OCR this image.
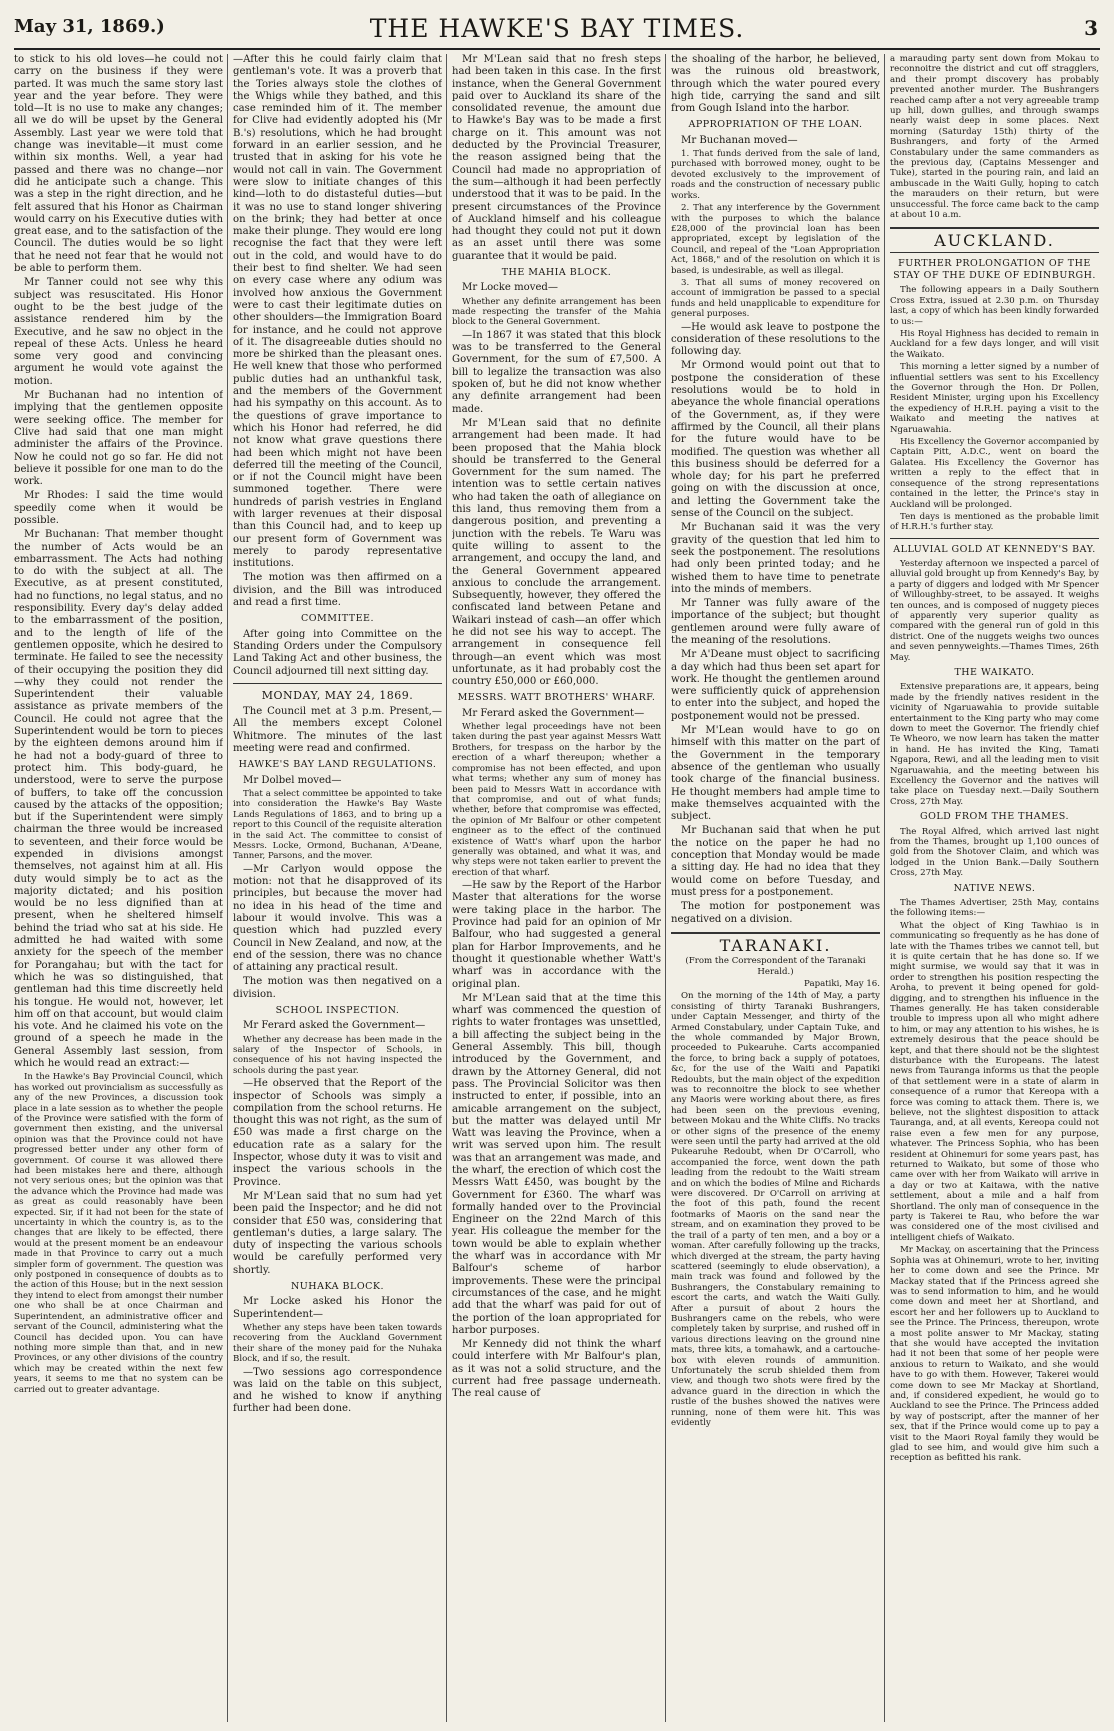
May 31, 1869.)	THE HAWKE'S BAY TIMES.	3

to stick to his old loves—he could not carry on the business if they were parted. It was much the same story last year and the year before. They were told—It is no use to make any changes; all we do will be upset by the General Assembly. Last year we were told that change was inevitable—it must come within six months. Well, a year had passed and there was no change—nor did he anticipate such a change. This was a step in the right direction, and he felt assured that his Honor as Chairman would carry on his Executive duties with great ease, and to the satisfaction of the Council. The duties would be so light that he need not fear that he would not be able to perform them.

Mr Tanner could not see why this subject was resuscitated. His Honor ought to be the best judge of the assistance rendered him by the Executive, and he saw no object in the repeal of these Acts. Unless he heard some very good and convincing argument he would vote against the motion.

Mr Buchanan had no intention of implying that the gentlemen opposite were seeking office. The member for Clive had said that one man might administer the affairs of the Province. Now he could not go so far. He did not believe it possible for one man to do the work.

Mr Rhodes: I said the time would speedily come when it would be possible.

Mr Buchanan: That member thought the number of Acts would be an embarrassment. The Acts had nothing to do with the subject at all. The Executive, as at present constituted, had no functions, no legal status, and no responsibility. Every day's delay added to the embarrassment of the position, and to the length of life of the gentlemen opposite, which he desired to terminate. He failed to see the necessity of their occupying the position they did—why they could not render the Superintendent their valuable assistance as private members of the Council. He could not agree that the Superintendent would be torn to pieces by the eighteen demons around him if he had not a body-guard of three to protect him. This body-guard, he understood, were to serve the purpose of buffers, to take off the concussion caused by the attacks of the opposition; but if the Superintendent were simply chairman the three would be increased to seventeen, and their force would be expended in divisions amongst themselves, not against him at all. His duty would simply be to act as the majority dictated; and his position would be no less dignified than at present, when he sheltered himself behind the triad who sat at his side. He admitted he had waited with some anxiety for the speech of the member for Porangahau; but with the tact for which he was so distinguished, that gentleman had this time discreetly held his tongue. He would not, however, let him off on that account, but would claim his vote. And he claimed his vote on the ground of a speech he made in the General Assembly last session, from which he would read an extract:—

In the Hawke's Bay Provincial Council, which has worked out provincialism as successfully as any of the new Provinces, a discussion took place in a late session as to whether the people of the Province were satisfied with the form of government then existing, and the universal opinion was that the Province could not have progressed better under any other form of government. Of course it was allowed there had been mistakes here and there, although not very serious ones; but the opinion was that the advance which the Province had made was as great as could reasonably have been expected. Sir, if it had not been for the state of uncertainty in which the country is, as to the changes that are likely to be effected, there would at the present moment be an endeavour made in that Province to carry out a much simpler form of government. The question was only postponed in consequence of doubts as to the action of this House; but in the next session they intend to elect from amongst their number one who shall be at once Chairman and Superintendent, an administrative officer and servant of the Council, administering what the Council has decided upon. You can have nothing more simple than that, and in new Provinces, or any other divisions of the country which may be created within the next few years, it seems to me that no system can be carried out to greater advantage.

—After this he could fairly claim that gentleman's vote. It was a proverb that the Tories always stole the clothes of the Whigs while they bathed, and this case reminded him of it. The member for Clive had evidently adopted his (Mr B.'s) resolutions, which he had brought forward in an earlier session, and he trusted that in asking for his vote he would not call in vain. The Government were slow to initiate changes of this kind—loth to do distasteful duties—but it was no use to stand longer shivering on the brink; they had better at once make their plunge. They would ere long recognise the fact that they were left out in the cold, and would have to do their best to find shelter. We had seen on every case where any odium was involved how anxious the Government were to cast their legitimate duties on other shoulders—the Immigration Board for instance, and he could not approve of it. The disagreeable duties should no more be shirked than the pleasant ones. He well knew that those who performed public duties had an unthankful task, and the members of the Government had his sympathy on this account. As to the questions of grave importance to which his Honor had referred, he did not know what grave questions there had been which might not have been deferred till the meeting of the Council, or if not the Council might have been summoned together. There were hundreds of parish vestries in England with larger revenues at their disposal than this Council had, and to keep up our present form of Government was merely to parody representative institutions.

The motion was then affirmed on a division, and the Bill was introduced and read a first time.

COMMITTEE.

After going into Committee on the Standing Orders under the Compulsory Land Taking Act and other business, the Council adjourned till next sitting day.

MONDAY, MAY 24, 1869.

The Council met at 3 p.m. Present,—All the members except Colonel Whitmore. The minutes of the last meeting were read and confirmed.

HAWKE'S BAY LAND REGULATIONS.

Mr Dolbel moved—

That a select committee be appointed to take into consideration the Hawke's Bay Waste Lands Regulations of 1863, and to bring up a report to this Council of the requisite alteration in the said Act. The committee to consist of Messrs. Locke, Ormond, Buchanan, A'Deane, Tanner, Parsons, and the mover.

—Mr Carlyon would oppose the motion: not that he disapproved of its principles, but because the mover had no idea in his head of the time and labour it would involve. This was a question which had puzzled every Council in New Zealand, and now, at the end of the session, there was no chance of attaining any practical result.

The motion was then negatived on a division.

SCHOOL INSPECTION.

Mr Ferard asked the Government—

Whether any decrease has been made in the salary of the Inspector of Schools, in consequence of his not having inspected the schools during the past year.

—He observed that the Report of the inspector of Schools was simply a compilation from the school returns. He thought this was not right, as the sum of £50 was made a first charge on the education rate as a salary for the Inspector, whose duty it was to visit and inspect the various schools in the Province.

Mr M'Lean said that no sum had yet been paid the Inspector; and he did not consider that £50 was, considering that gentleman's duties, a large salary. The duty of inspecting the various schools would be carefully performed very shortly.

NUHAKA BLOCK.

Mr Locke asked his Honor the Superintendent—

Whether any steps have been taken towards recovering from the Auckland Government their share of the money paid for the Nuhaka Block, and if so, the result.

—Two sessions ago correspondence was laid on the table on this subject, and he wished to know if anything further had been done.

Mr M'Lean said that no fresh steps had been taken in this case. In the first instance, when the General Government paid over to Auckland its share of the consolidated revenue, the amount due to Hawke's Bay was to be made a first charge on it. This amount was not deducted by the Provincial Treasurer, the reason assigned being that the Council had made no appropriation of the sum—although it had been perfectly understood that it was to be paid. In the present circumstances of the Province of Auckland himself and his colleague had thought they could not put it down as an asset until there was some guarantee that it would be paid.

THE MAHIA BLOCK.

Mr Locke moved—

Whether any definite arrangement has been made respecting the transfer of the Mahia block to the General Government.

—In 1867 it was stated that this block was to be transferred to the General Government, for the sum of £7,500. A bill to legalize the transaction was also spoken of, but he did not know whether any definite arrangement had been made.

Mr M'Lean said that no definite arrangement had been made. It had been proposed that the Mahia block should be transferred to the General Government for the sum named. The intention was to settle certain natives who had taken the oath of allegiance on this land, thus removing them from a dangerous position, and preventing a junction with the rebels. Te Waru was quite willing to assent to the arrangement, and occupy the land, and the General Government appeared anxious to conclude the arrangement. Subsequently, however, they offered the confiscated land between Petane and Waikari instead of cash—an offer which he did not see his way to accept. The arrangement in consequence fell through—an event which was most unfortunate, as it had probably cost the country £50,000 or £60,000.

MESSRS. WATT BROTHERS' WHARF.

Mr Ferard asked the Government—

Whether legal proceedings have not been taken during the past year against Messrs Watt Brothers, for trespass on the harbor by the erection of a wharf thereupon; whether a compromise has not been effected, and upon what terms; whether any sum of money has been paid to Messrs Watt in accordance with that compromise, and out of what funds; whether, before that compromise was effected, the opinion of Mr Balfour or other competent engineer as to the effect of the continued existence of Watt's wharf upon the harbor generally was obtained, and what it was, and why steps were not taken earlier to prevent the erection of that wharf.

—He saw by the Report of the Harbor Master that alterations for the worse were taking place in the harbor. The Province had paid for an opinion of Mr Balfour, who had suggested a general plan for Harbor Improvements, and he thought it questionable whether Watt's wharf was in accordance with the original plan.

Mr M'Lean said that at the time this wharf was commenced the question of rights to water frontages was unsettled, a bill affecting the subject being in the General Assembly. This bill, though introduced by the Government, and drawn by the Attorney General, did not pass. The Provincial Solicitor was then instructed to enter, if possible, into an amicable arrangement on the subject, but the matter was delayed until Mr Watt was leaving the Province, when a writ was served upon him. The result was that an arrangement was made, and the wharf, the erection of which cost the Messrs Watt £450, was bought by the Government for £360. The wharf was formally handed over to the Provincial Engineer on the 22nd March of this year. His colleague the member for the town would be able to explain whether the wharf was in accordance with Mr Balfour's scheme of harbor improvements. These were the principal circumstances of the case, and he might add that the wharf was paid for out of the portion of the loan appropriated for harbor purposes.

Mr Kennedy did not think the wharf could interfere with Mr Balfour's plan, as it was not a solid structure, and the current had free passage underneath. The real cause of

the shoaling of the harbor, he believed, was the ruinous old breastwork, through which the water poured every high tide, carrying the sand and silt from Gough Island into the harbor.

APPROPRIATION OF THE LOAN.

Mr Buchanan moved—

1. That funds derived from the sale of land, purchased with borrowed money, ought to be devoted exclusively to the improvement of roads and the construction of necessary public works.

2. That any interference by the Government with the purposes to which the balance £28,000 of the provincial loan has been appropriated, except by legislation of the Council, and repeal of the "Loan Appropriation Act, 1868," and of the resolution on which it is based, is undesirable, as well as illegal.

3. That all sums of money recovered on account of immigration be passed to a special funds and held unapplicable to expenditure for general purposes.

—He would ask leave to postpone the consideration of these resolutions to the following day.

Mr Ormond would point out that to postpone the consideration of these resolutions would be to hold in abeyance the whole financial operations of the Government, as, if they were affirmed by the Council, all their plans for the future would have to be modified. The question was whether all this business should be deferred for a whole day; for his part he preferred going on with the discussion at once, and letting the Government take the sense of the Council on the subject.

Mr Buchanan said it was the very gravity of the question that led him to seek the postponement. The resolutions had only been printed today; and he wished them to have time to penetrate into the minds of members.

Mr Tanner was fully aware of the importance of the subject; but thought gentlemen around were fully aware of the meaning of the resolutions.

Mr A'Deane must object to sacrificing a day which had thus been set apart for work. He thought the gentlemen around were sufficiently quick of apprehension to enter into the subject, and hoped the postponement would not be pressed.

Mr M'Lean would have to go on himself with this matter on the part of the Government in the temporary absence of the gentleman who usually took charge of the financial business. He thought members had ample time to make themselves acquainted with the subject.

Mr Buchanan said that when he put the notice on the paper he had no conception that Monday would be made a sitting day. He had no idea that they would come on before Tuesday, and must press for a postponement.

The motion for postponement was negatived on a division.

TARANAKI.

(From the Correspondent of the Taranaki Herald.)

Papatiki, May 16.

On the morning of the 14th of May, a party consisting of thirty Taranaki Bushrangers, under Captain Messenger, and thirty of the Armed Constabulary, under Captain Tuke, and the whole commanded by Major Brown, proceeded to Pukearuhe. Carts accompanied the force, to bring back a supply of potatoes, &c, for the use of the Waiti and Papatiki Redoubts, but the main object of the expedition was to reconnoitre the block to see whether any Maoris were working about there, as fires had been seen on the previous evening, between Mokau and the White Cliffs. No tracks or other signs of the presence of the enemy were seen until the party had arrived at the old Pukearuhe Redoubt, when Dr O'Carroll, who accompanied the force, went down the path leading from the redoubt to the Waiti stream and on which the bodies of Milne and Richards were discovered. Dr O'Carroll on arriving at the foot of this path, found the recent footmarks of Maoris on the sand near the stream, and on examination they proved to be the trail of a party of ten men, and a boy or a woman. After carefully following up the tracks, which diverged at the stream, the party having scattered (seemingly to elude observation), a main track was found and followed by the Bushrangers, the Constabulary remaining to escort the carts, and watch the Waiti Gully. After a pursuit of about 2 hours the Bushrangers came on the rebels, who were completely taken by surprise, and rushed off in various directions leaving on the ground nine mats, three kits, a tomahawk, and a cartouche-box with eleven rounds of ammunition. Unfortunately the scrub shielded them from view, and though two shots were fired by the advance guard in the direction in which the rustle of the bushes showed the natives were running, none of them were hit. This was evidently

a marauding party sent down from Mokau to reconnoitre the district and cut off stragglers, and their prompt discovery has probably prevented another murder. The Bushrangers reached camp after a not very agreeable tramp up hill, down gullies, and through swamps nearly waist deep in some places. Next morning (Saturday 15th) thirty of the Bushrangers, and forty of the Armed Constabulary under the same commanders as the previous day, (Captains Messenger and Tuke), started in the pouring rain, and laid an ambuscade in the Waiti Gully, hoping to catch the marauders on their return, but were unsuccessful. The force came back to the camp at about 10 a.m.

AUCKLAND.

FURTHER PROLONGATION OF THE STAY OF THE DUKE OF EDINBURGH.

The following appears in a Daily Southern Cross Extra, issued at 2.30 p.m. on Thursday last, a copy of which has been kindly forwarded to us:—

His Royal Highness has decided to remain in Auckland for a few days longer, and will visit the Waikato.

This morning a letter signed by a number of influential settlers was sent to his Excellency the Governor through the Hon. Dr Pollen, Resident Minister, urging upon his Excellency the expediency of H.R.H. paying a visit to the Waikato and meeting the natives at Ngaruawahia.

His Excellency the Governor accompanied by Captain Pitt, A.D.C., went on board the Galatea. His Excellency the Governor has written a reply to the effect that in consequence of the strong representations contained in the letter, the Prince's stay in Auckland will be prolonged.

Ten days is mentioned as the probable limit of H.R.H.'s further stay.

ALLUVIAL GOLD AT KENNEDY'S BAY.

Yesterday afternoon we inspected a parcel of alluvial gold brought up from Kennedy's Bay, by a party of diggers and lodged with Mr Spencer of Willoughby-street, to be assayed. It weighs ten ounces, and is composed of nuggety pieces of apparently very superior quality as compared with the general run of gold in this district. One of the nuggets weighs two ounces and seven pennyweights.—Thames Times, 26th May.

THE WAIKATO.

Extensive preparations are, it appears, being made by the friendly natives resident in the vicinity of Ngaruawahia to provide suitable entertainment to the King party who may come down to meet the Governor. The friendly chief Te Wheoro, we now learn has taken the matter in hand. He has invited the King, Tamati Ngapora, Rewi, and all the leading men to visit Ngaruawahia, and the meeting between his Excellency the Governor and the natives will take place on Tuesday next.—Daily Southern Cross, 27th May.

GOLD FROM THE THAMES.

The Royal Alfred, which arrived last night from the Thames, brought up 1,100 ounces of gold from the Shotover Claim, and which was lodged in the Union Bank.—Daily Southern Cross, 27th May.

NATIVE NEWS.

The Thames Advertiser, 25th May, contains the following items:—

What the object of King Tawhiao is in communicating so frequently as he has done of late with the Thames tribes we cannot tell, but it is quite certain that he has done so. If we might surmise, we would say that it was in order to strengthen his position respecting the Aroha, to prevent it being opened for gold-digging, and to strengthen his influence in the Thames generally. He has taken considerable trouble to impress upon all who might adhere to him, or may any attention to his wishes, he is extremely desirous that the peace should be kept, and that there should not be the slightest disturbance with the Europeans. The latest news from Tauranga informs us that the people of that settlement were in a state of alarm in consequence of a rumor that Kereopa with a force was coming to attack them. There is, we believe, not the slightest disposition to attack Tauranga, and, at all events, Kereopa could not raise even a few men for any purpose, whatever. The Princess Sophia, who has been resident at Ohinemuri for some years past, has returned to Waikato, but some of those who came over with her from Waikato will arrive in a day or two at Kaitawa, with the native settlement, about a mile and a half from Shortland. The only man of consequence in the party is Takerei te Rau, who before the war was considered one of the most civilised and intelligent chiefs of Waikato.

Mr Mackay, on ascertaining that the Princess Sophia was at Ohinemuri, wrote to her, inviting her to come down and see the Prince. Mr Mackay stated that if the Princess agreed she was to send information to him, and he would come down and meet her at Shortland, and escort her and her followers up to Auckland to see the Prince. The Princess, thereupon, wrote a most polite answer to Mr Mackay, stating that she would have accepted the invitation had it not been that some of her people were anxious to return to Waikato, and she would have to go with them. However, Takerei would come down to see Mr Mackay at Shortland, and, if considered expedient, he would go to Auckland to see the Prince. The Princess added by way of postscript, after the manner of her sex, that if the Prince would come up to pay a visit to the Maori Royal family they would be glad to see him, and would give him such a reception as befitted his rank.
